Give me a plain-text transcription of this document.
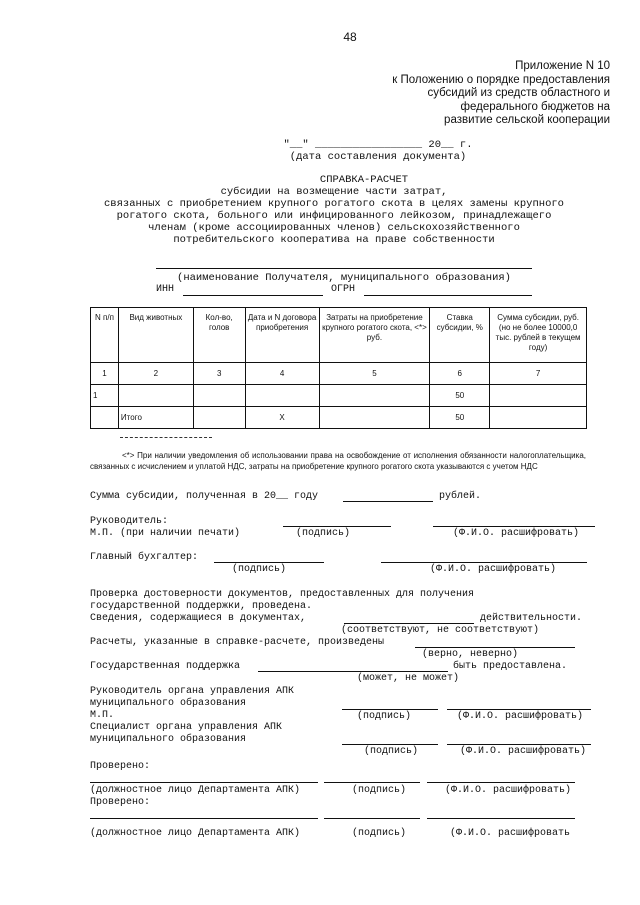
48
Приложение N 10
к Положению о порядке предоставления
субсидий из средств областного и
федерального бюджетов на
развитие сельской кооперации
"__" _________________ 20__ г.
(дата составления документа)
СПРАВКА-РАСЧЕТ
субсидии на возмещение части затрат,
связанных с приобретением крупного рогатого скота в целях замены крупного
рогатого скота, больного или инфицированного лейкозом, принадлежащего
членам (кроме ассоциированных членов) сельскохозяйственного
потребительского кооператива на праве собственности
(наименование Получателя, муниципального образования)
ИНН	ОГРН
N п/п	Вид животных	Кол-во, голов	Дата и N договора приобретения	Затраты на приобретение крупного рогатого скота, <*> руб.	Ставка субсидии, %	Сумма субсидии, руб. (но не более 10000,0 тыс. рублей в текущем году)
1	2	3	4	5	6	7
1					50	
	Итого		Х		50	
<*> При наличии уведомления об использовании права на освобождение от исполнения обязанности налогоплательщика, связанных с исчислением и уплатой НДС, затраты на приобретение крупного рогатого скота указываются с учетом НДС
Сумма субсидии, полученная в 20__ году	рублей.
Руководитель:
М.П. (при наличии печати)	(подпись)	(Ф.И.О. расшифровать)
Главный бухгалтер:
(подпись)	(Ф.И.О. расшифровать)
Проверка достоверности документов, предоставленных для получения
государственной поддержки, проведена.
Сведения, содержащиеся в документах,	действительности.
(соответствуют, не соответствуют)
Расчеты, указанные в справке-расчете, произведены
(верно, неверно)
Государственная поддержка	быть предоставлена.
(может, не может)
Руководитель органа управления АПК
муниципального образования
М.П.	(подпись)	(Ф.И.О. расшифровать)
Специалист органа управления АПК
муниципального образования
(подпись)	(Ф.И.О. расшифровать)
Проверено:
(должностное лицо Департамента АПК)	(подпись)	(Ф.И.О. расшифровать)
Проверено:
(должностное лицо Департамента АПК)	(подпись)	(Ф.И.О. расшифровать
